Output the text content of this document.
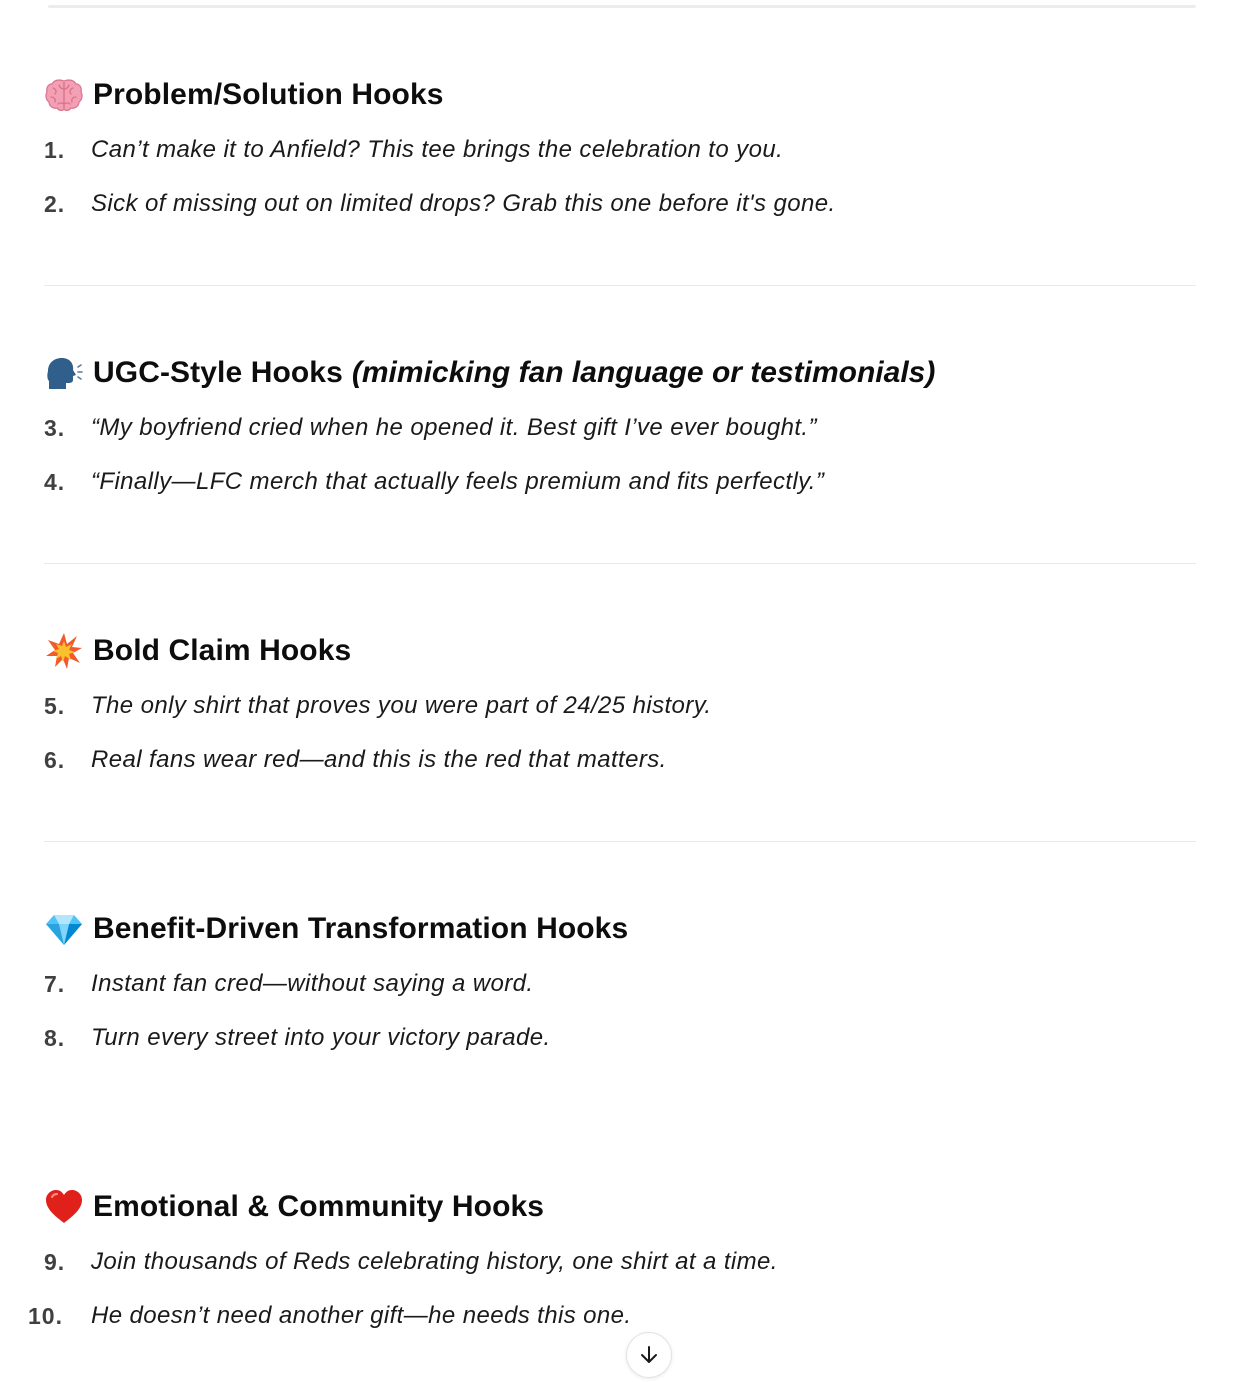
Problem/Solution Hooks
1.	Can’t make it to Anfield? This tee brings the celebration to you.
2.	Sick of missing out on limited drops? Grab this one before it's gone.
UGC-Style Hooks (mimicking fan language or testimonials)
3.	“My boyfriend cried when he opened it. Best gift I’ve ever bought.”
4.	“Finally—LFC merch that actually feels premium and fits perfectly.”
Bold Claim Hooks
5.	The only shirt that proves you were part of 24/25 history.
6.	Real fans wear red—and this is the red that matters.
Benefit-Driven Transformation Hooks
7.	Instant fan cred—without saying a word.
8.	Turn every street into your victory parade.
Emotional & Community Hooks
9.	Join thousands of Reds celebrating history, one shirt at a time.
10.	He doesn’t need another gift—he needs this one.
